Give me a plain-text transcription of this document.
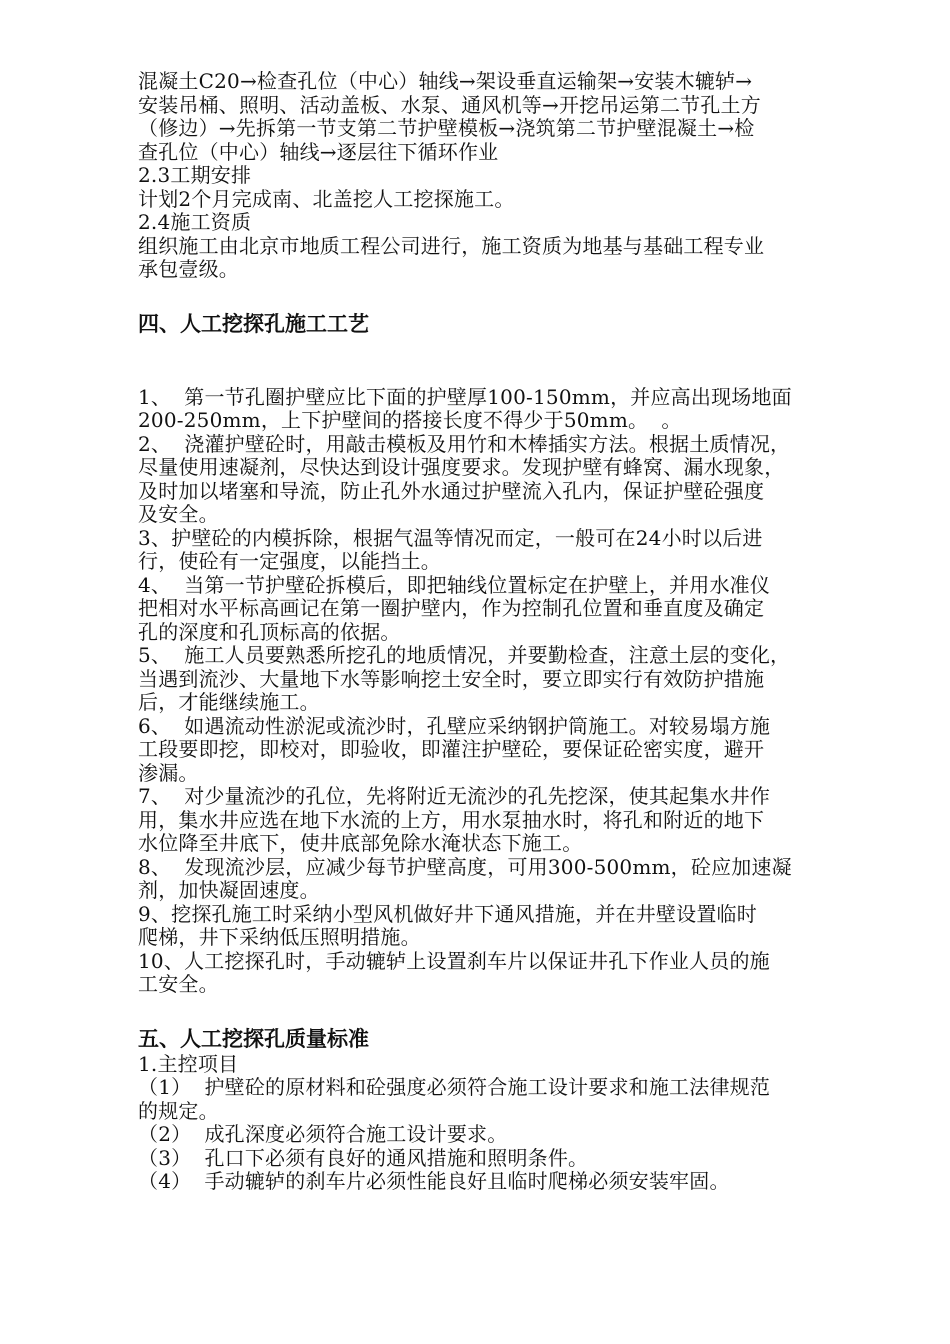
混凝土C20→检查孔位（中心）轴线→架设垂直运输架→安装木辘轳→
安装吊桶、照明、活动盖板、水泵、通风机等→开挖吊运第二节孔土方
（修边）→先拆第一节支第二节护壁模板→浇筑第二节护壁混凝土→检
查孔位（中心）轴线→逐层往下循环作业
2.3工期安排
计划2个月完成南、北盖挖人工挖探施工。
2.4施工资质
组织施工由北京市地质工程公司进行，施工资质为地基与基础工程专业
承包壹级。
四、人工挖探孔施工工艺
1、  第一节孔圈护壁应比下面的护壁厚100-150mm，并应高出现场地面
200-250mm，上下护壁间的搭接长度不得少于50mm。  。
2、  浇灌护壁砼时，用敲击模板及用竹和木棒插实方法。根据土质情况，
尽量使用速凝剂，尽快达到设计强度要求。发现护壁有蜂窝、漏水现象，
及时加以堵塞和导流，防止孔外水通过护壁流入孔内，保证护壁砼强度
及安全。
3、护壁砼的内模拆除，根据气温等情况而定，一般可在24小时以后进
行，使砼有一定强度，以能挡土。
4、  当第一节护壁砼拆模后，即把轴线位置标定在护壁上，并用水准仪
把相对水平标高画记在第一圈护壁内，作为控制孔位置和垂直度及确定
孔的深度和孔顶标高的依据。
5、  施工人员要熟悉所挖孔的地质情况，并要勤检查，注意土层的变化，
当遇到流沙、大量地下水等影响挖土安全时，要立即实行有效防护措施
后，才能继续施工。
6、  如遇流动性淤泥或流沙时，孔壁应采纳钢护筒施工。对较易塌方施
工段要即挖，即校对，即验收，即灌注护壁砼，要保证砼密实度，避开
渗漏。
7、  对少量流沙的孔位，先将附近无流沙的孔先挖深，使其起集水井作
用，集水井应选在地下水流的上方，用水泵抽水时，将孔和附近的地下
水位降至井底下，使井底部免除水淹状态下施工。
8、  发现流沙层，应减少每节护壁高度，可用300-500mm，砼应加速凝
剂，加快凝固速度。
9、挖探孔施工时采纳小型风机做好井下通风措施，并在井壁设置临时
爬梯，井下采纳低压照明措施。
10、人工挖探孔时，手动辘轳上设置刹车片以保证井孔下作业人员的施
工安全。
五、人工挖探孔质量标准
1.主控项目
（1）  护壁砼的原材料和砼强度必须符合施工设计要求和施工法律规范
的规定。
（2）  成孔深度必须符合施工设计要求。
（3）  孔口下必须有良好的通风措施和照明条件。
（4）  手动辘轳的刹车片必须性能良好且临时爬梯必须安装牢固。
